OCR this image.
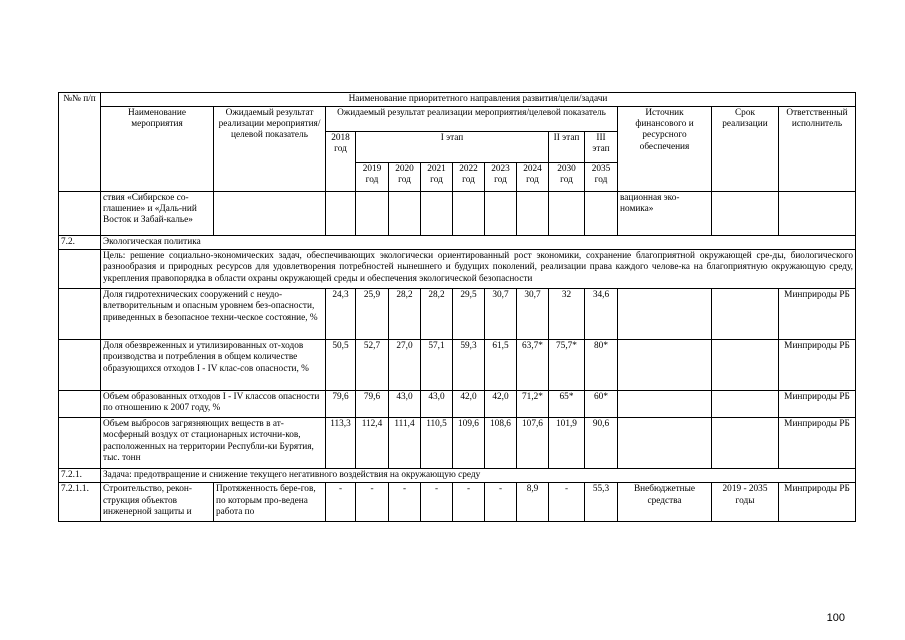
№№ п/п	Наименование приоритетного направления развития/цели/задачи													
	Наименование мероприятия	Ожидаемый результат реализации мероприятия/целевой показатель	Ожидаемый результат реализации мероприятия/целевой показатель									Источник финансового и ресурсного обеспечения	Срок реализации	Ответственный исполнитель
			2018 год	I этап						II этап	III этап			
				2019 год	2020 год	2021 год	2022 год	2023 год	2024 год	2030 год	2035 год			
	ствия «Сибирское со-глашение» и «Даль-ний Восток и Забай-калье»											вационная эко-номика»		
7.2.	Экологическая политика													
	Цель: решение социально-экономических задач, обеспечивающих экологически ориентированный рост экономики, сохранение благоприятной окружающей сре-ды, биологического разнообразия и природных ресурсов для удовлетворения потребностей нынешнего и будущих поколений, реализации права каждого челове-ка на благоприятную окружающую среду, укрепления правопорядка в области охраны окружающей среды и обеспечения экологической безопасности													
	Доля гидротехнических сооружений с неудо-влетворительным и опасным уровнем без-опасности, приведенных в безопасное техни-ческое состояние, %		24,3	25,9	28,2	28,2	29,5	30,7	30,7	32	34,6			Минприроды РБ
	Доля обезвреженных и утилизированных от-ходов производства и потребления в общем количестве образующихся отходов I - IV клас-сов опасности, %		50,5	52,7	27,0	57,1	59,3	61,5	63,7*	75,7*	80*			Минприроды РБ
	Объем образованных отходов I - IV классов опасности по отношению к 2007 году, %		79,6	79,6	43,0	43,0	42,0	42,0	71,2*	65*	60*			Минприроды РБ
	Объем выбросов загрязняющих веществ в ат-мосферный воздух от стационарных источни-ков, расположенных на территории Республи-ки Бурятия, тыс. тонн		113,3	112,4	111,4	110,5	109,6	108,6	107,6	101,9	90,6			Минприроды РБ
7.2.1.	Задача: предотвращение и снижение текущего негативного воздействия на окружающую среду													
7.2.1.1.	Строительство, рекон-струкция объектов инженерной защиты и	Протяженность бере-гов, по которым про-ведена работа по	-	-	-	-	-	-	8,9	-	55,3	Внебюджетные средства	2019 - 2035 годы	Минприроды РБ
100
